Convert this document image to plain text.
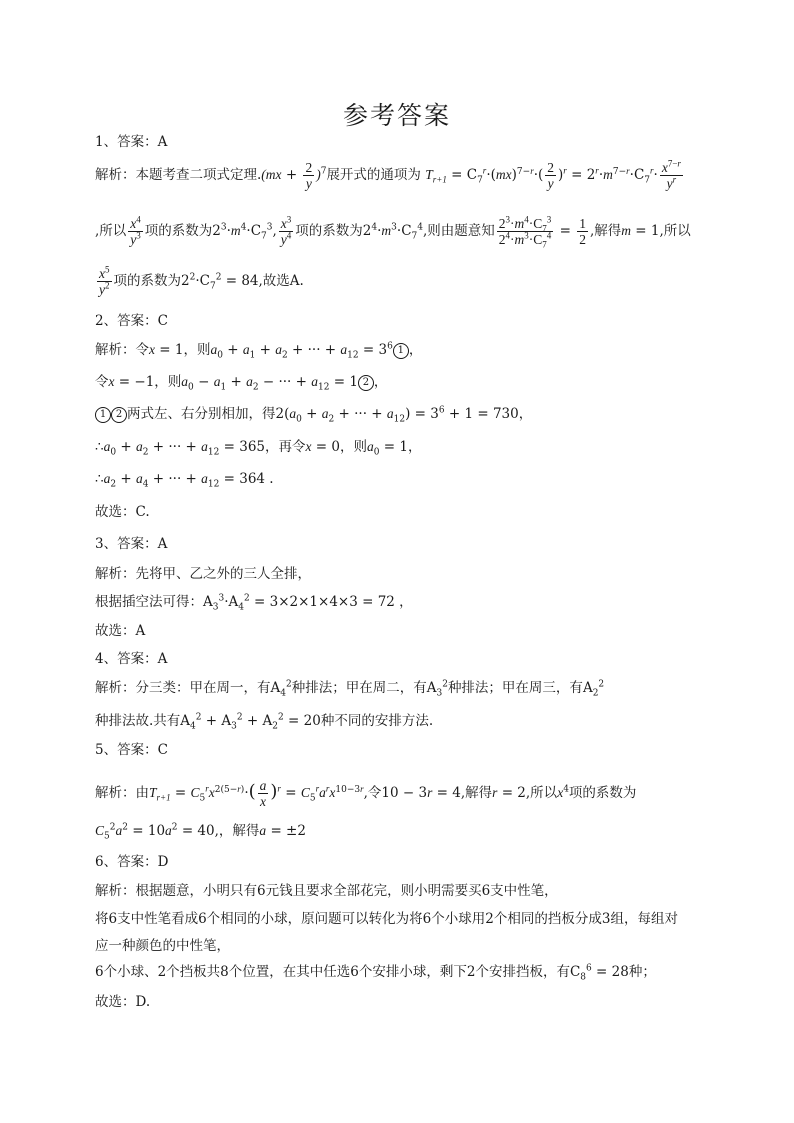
参考答案
1、答案：A
解析：本题考查二项式定理$.(mx + \frac{2}{y} )^7$展开式的通项为 $T_{r+1} = C_7^r\cdot(mx)^{7-r}\cdot( \frac{2}{y} )^r = 2^r\cdot m^{7-r}\cdot C_7^r\cdot \frac{x^{7-r}}{y^r}$
,所以 $\frac{x^4}{y^3}$ 项的系数为$2^3\cdot m^4\cdot C_7^3$, $\frac{x^3}{y^4}$ 项的系数为$2^4\cdot m^3\cdot C_7^4$,则由题意知 $\frac{2^3\cdot m^4\cdot C_7^3}{2^4\cdot m^3\cdot C_7^4} = \frac{1}{2}$ ,解得m = 1,所以
$\frac{x^5}{y^2}$ 项的系数为$2^2\cdot C_7^2 = 84$,故选A.
2、答案：C
解析：令x = 1，则$a_0 + a_1 + a_2$ + ··· + $a_{12} = 3^6$ 1 ，
令x = −1，则$a_0 - a_1 + a_2$ − ··· + $a_{12} = 1$ 2 ，
1 2 两式左、右分别相加，得$2(a_0 + a_2$ + ··· + $a_{12}) = 3^6 + 1 = 730$，
$\therefore a_0 + a_2$ + ··· + $a_{12} = 365$，再令x = 0，则$a_0 = 1$，
$\therefore a_2 + a_4$ + ··· + $a_{12} = 364$ .
故选：C.
3、答案：A
解析：先将甲、乙之外的三人全排，
根据插空法可得：$A_3^3\cdot A_4^2 = 3\times 2\times 1\times 4\times 3 = 72$ ，
故选：A
4、答案：A
解析：分三类：甲在周一，有$A_4^2$种排法；甲在周二，有$A_3^2$种排法；甲在周三，有$A_2^2$
种排法故.共有$A_4^2 + A_3^2 + A_2^2 = 20$种不同的安排方法.
5、答案：C
解析：由$T_{r+1} = C_5^rx^{2(5-r)}\cdot( \frac{a}{x} )^r = C_5^ra^rx^{10-3r}$,令10 − 3r = 4,解得r = 2,所以$x^4$项的系数为
$C_5^2a^2 = 10a^2 = 40$,，解得a = ±2
6、答案：D
解析：根据题意，小明只有6元钱且要求全部花完，则小明需要买6支中性笔，
将6支中性笔看成6个相同的小球，原问题可以转化为将6个小球用2个相同的挡板分成3组，每组对
应一种颜色的中性笔，
6个小球、2个挡板共8个位置，在其中任选6个安排小球，剩下2个安排挡板，有$C_8^6 = 28$种；
故选：D.
